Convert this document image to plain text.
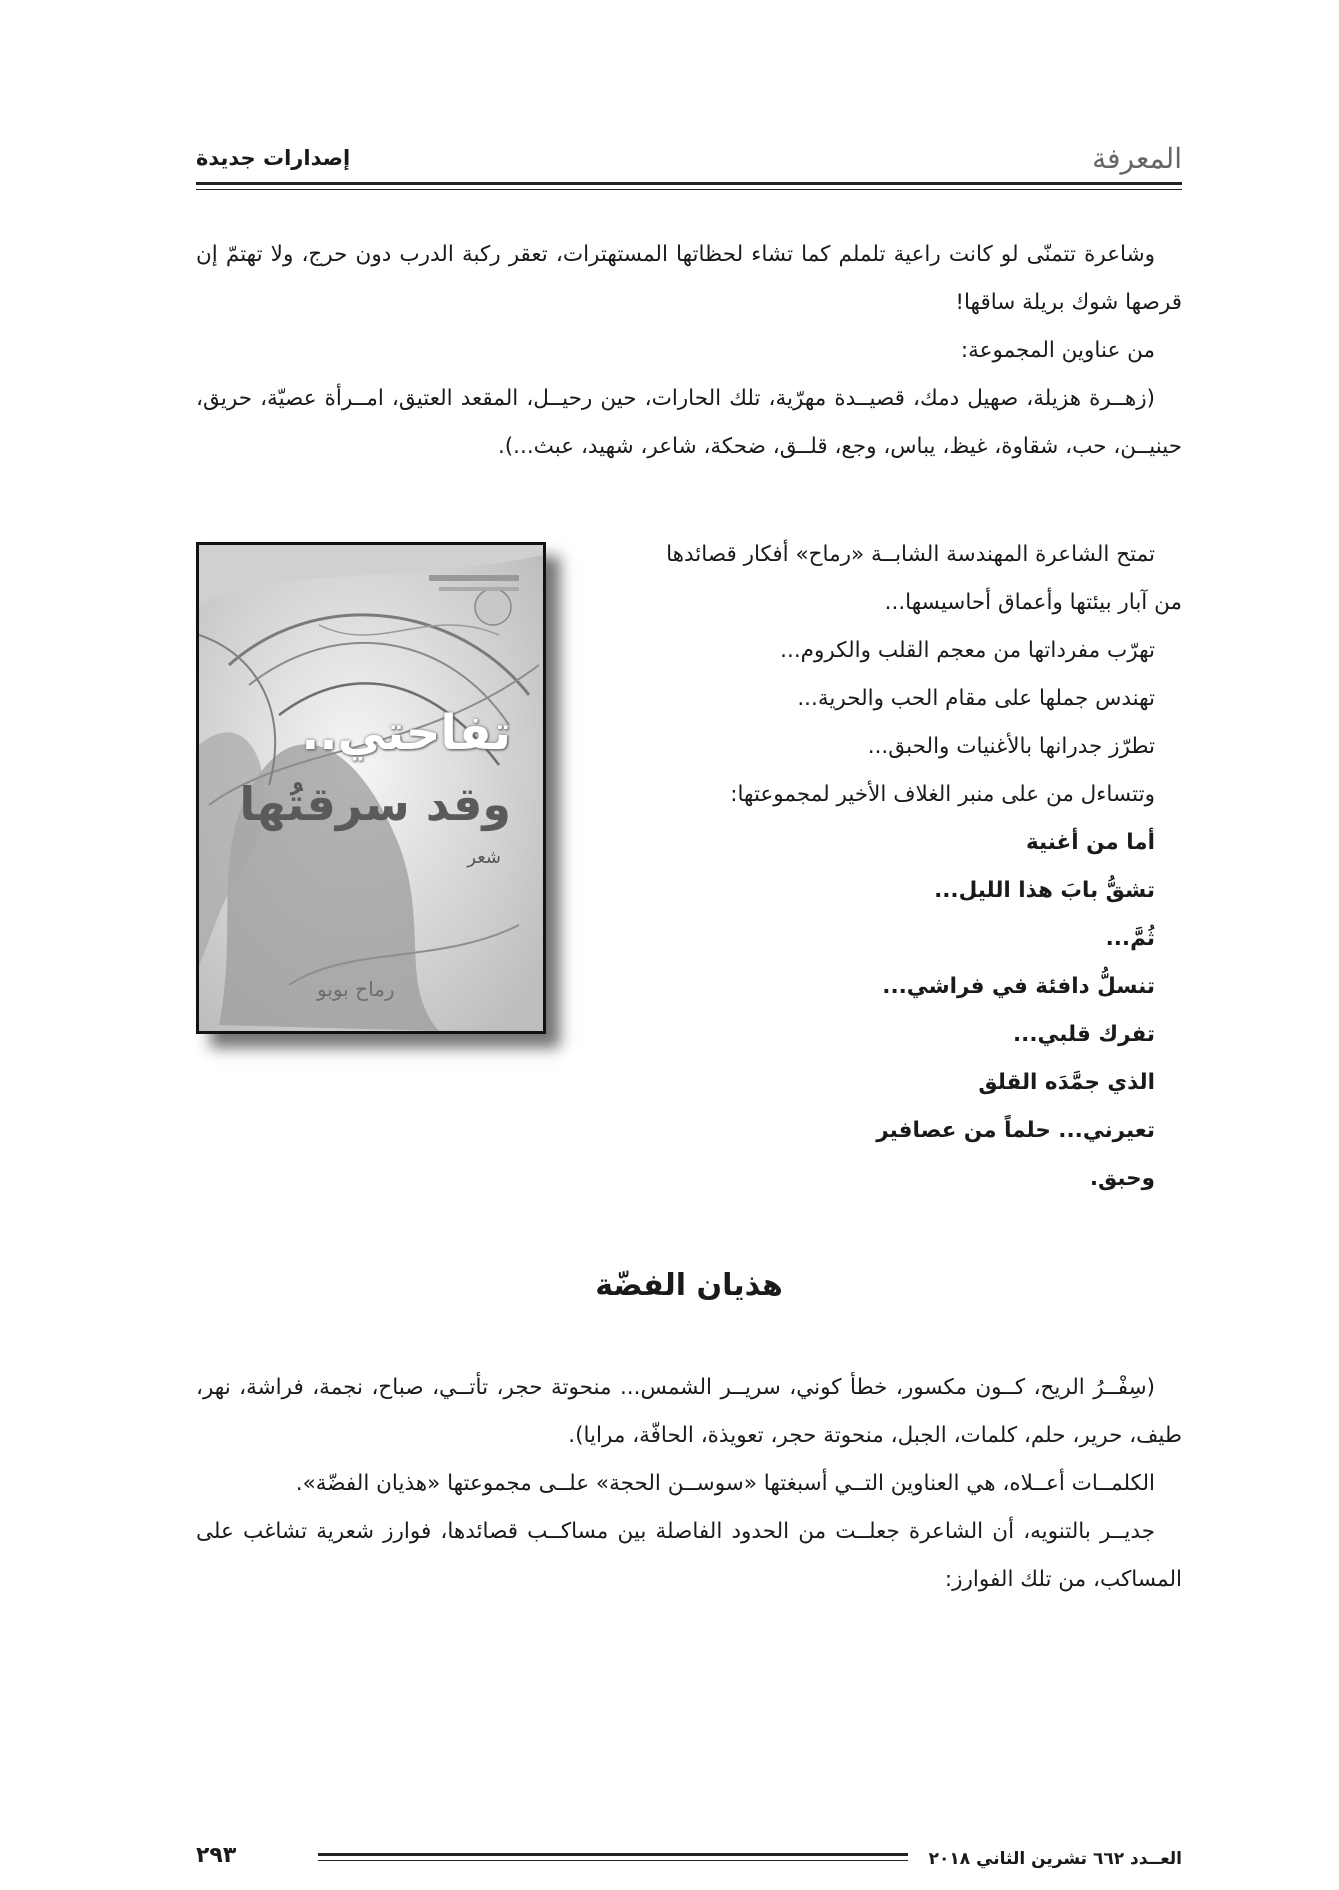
المعرفة
إصدارات جديدة

وشاعرة تتمنّى لو كانت راعية تلملم كما تشاء لحظاتها المستهترات، تعقر ركبة الدرب دون حرج، ولا تهتمّ إن قرصها شوك بريلة ساقها!

من عناوين المجموعة:

(زهــرة هزيلة، صهيل دمك، قصيــدة مهرّية، تلك الحارات، حين رحيــل، المقعد العتيق، امــرأة عصيّة، حريق، حينيــن، حب، شقاوة، غيظ، يباس، وجع، قلــق، ضحكة، شاعر، شهيد، عبث...).

تمتح الشاعرة المهندسة الشابــة «رماح» أفكار قصائدها

من آبار بيئتها وأعماق أحاسيسها...

تهرّب مفرداتها من معجم القلب والكروم...

تهندس جملها على مقام الحب والحرية...

تطرّز جدرانها بالأغنيات والحبق...

وتتساءل من على منبر الغلاف الأخير لمجموعتها:

أما من أغنية

تشقُّ بابَ هذا الليل...

ثُمَّ...

تنسلُّ دافئة في فراشي...

تفرك قلبي...

الذي جمَّدَه القلق

تعيرني... حلماً من عصافير

وحبق.

تفاحتي..
وقد سرقتُها
شعر
رماح بوبو
هذيان الفضّة

(سِفْــرُ الريح، كــون مكسور، خطأ كوني، سريــر الشمس... منحوتة حجر، تأتــي، صباح، نجمة، فراشة، نهر، طيف، حرير، حلم، كلمات، الجبل، منحوتة حجر، تعويذة، الحافّة، مرايا).

الكلمــات أعــلاه، هي العناوين التــي أسبغتها «سوســن الحجة» علــى مجموعتها «هذيان الفضّة».

جديــر بالتنويه، أن الشاعرة جعلــت من الحدود الفاصلة بين مساكــب قصائدها، فوارز شعرية تشاغب على المساكب، من تلك الفوارز:

العــدد ٦٦٢ تشرين الثاني ٢٠١٨
٢٩٣
